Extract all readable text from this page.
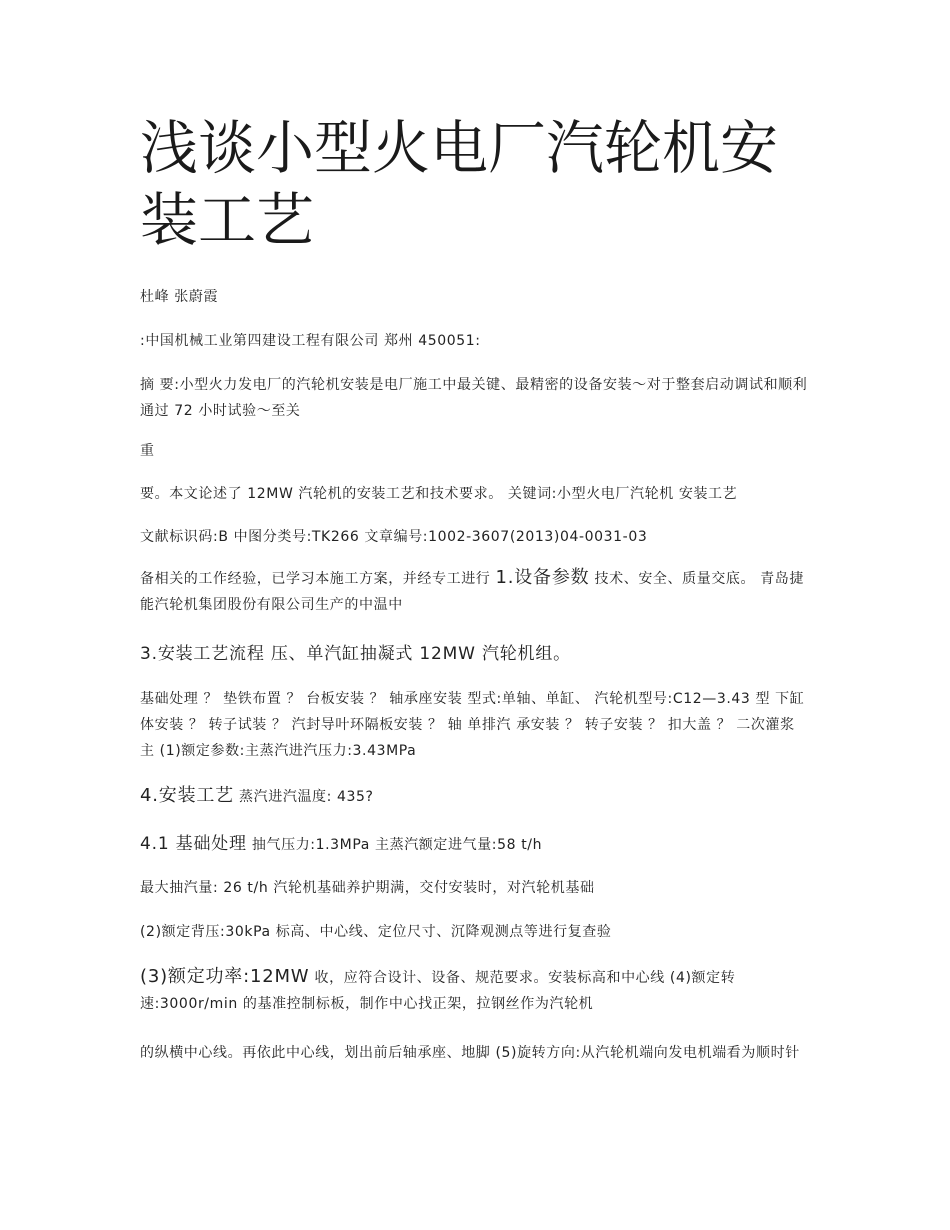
浅谈小型火电厂汽轮机安装工艺

杜峰 张蔚霞

:中国机械工业第四建设工程有限公司 郑州 450051:

摘 要:小型火力发电厂的汽轮机安装是电厂施工中最关键、最精密的设备安装～对于整套启动调试和顺利通过 72 小时试验～至关

重

要。本文论述了 12MW 汽轮机的安装工艺和技术要求。 关键词:小型火电厂汽轮机 安装工艺

文献标识码:B 中图分类号:TK266 文章编号:1002-3607(2013)04-0031-03

备相关的工作经验，已学习本施工方案，并经专工进行 1.设备参数 技术、安全、质量交底。 青岛捷能汽轮机集团股份有限公司生产的中温中

3.安装工艺流程 压、单汽缸抽凝式 12MW 汽轮机组。

基础处理 ？ 垫铁布置 ？ 台板安装 ？ 轴承座安装 型式:单轴、单缸、 汽轮机型号:C12—3.43 型 下缸体安装 ？ 转子试装 ？ 汽封导叶环隔板安装 ？ 轴 单排汽 承安装 ？ 转子安装 ？ 扣大盖 ？ 二次灌浆 主 (1)额定参数:主蒸汽进汽压力:3.43MPa

4.安装工艺 蒸汽进汽温度: 435?

4.1 基础处理 抽气压力:1.3MPa 主蒸汽额定进气量:58 t/h

最大抽汽量: 26 t/h 汽轮机基础养护期满，交付安装时，对汽轮机基础

(2)额定背压:30kPa 标高、中心线、定位尺寸、沉降观测点等进行复查验

(3)额定功率:12MW 收，应符合设计、设备、规范要求。安装标高和中心线 (4)额定转速:3000r/min 的基准控制标板，制作中心找正架，拉钢丝作为汽轮机

的纵横中心线。再依此中心线，划出前后轴承座、地脚 (5)旋转方向:从汽轮机端向发电机端看为顺时针
